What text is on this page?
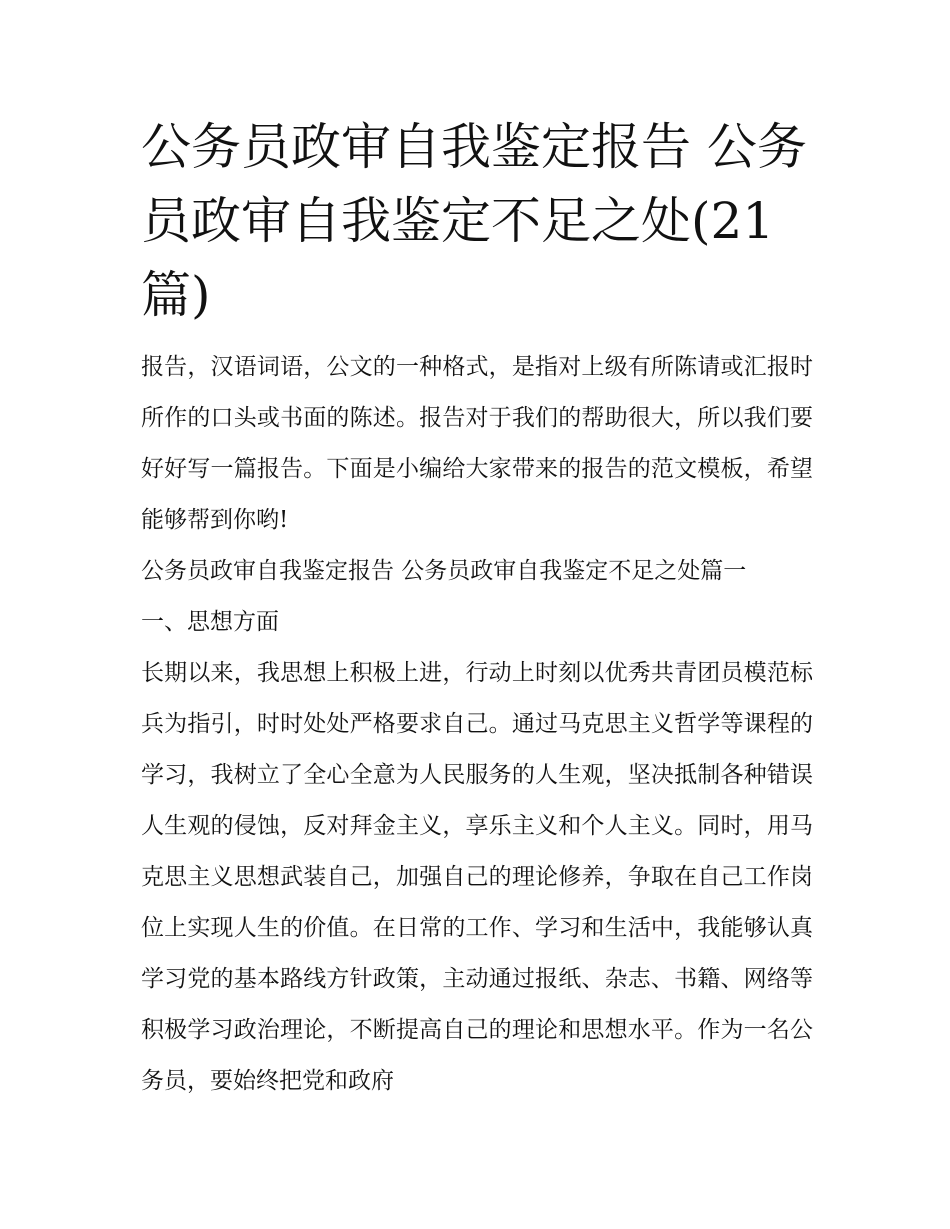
公务员政审自我鉴定报告 公务员政审自我鉴定不足之处(21篇)

报告，汉语词语，公文的一种格式，是指对上级有所陈请或汇报时所作的口头或书面的陈述。报告对于我们的帮助很大，所以我们要好好写一篇报告。下面是小编给大家带来的报告的范文模板，希望能够帮到你哟!

公务员政审自我鉴定报告 公务员政审自我鉴定不足之处篇一

一、思想方面

长期以来，我思想上积极上进，行动上时刻以优秀共青团员模范标兵为指引，时时处处严格要求自己。通过马克思主义哲学等课程的学习，我树立了全心全意为人民服务的人生观，坚决抵制各种错误人生观的侵蚀，反对拜金主义，享乐主义和个人主义。同时，用马克思主义思想武装自己，加强自己的理论修养，争取在自己工作岗位上实现人生的价值。在日常的工作、学习和生活中，我能够认真学习党的基本路线方针政策，主动通过报纸、杂志、书籍、网络等积极学习政治理论，不断提高自己的理论和思想水平。作为一名公务员，要始终把党和政府
